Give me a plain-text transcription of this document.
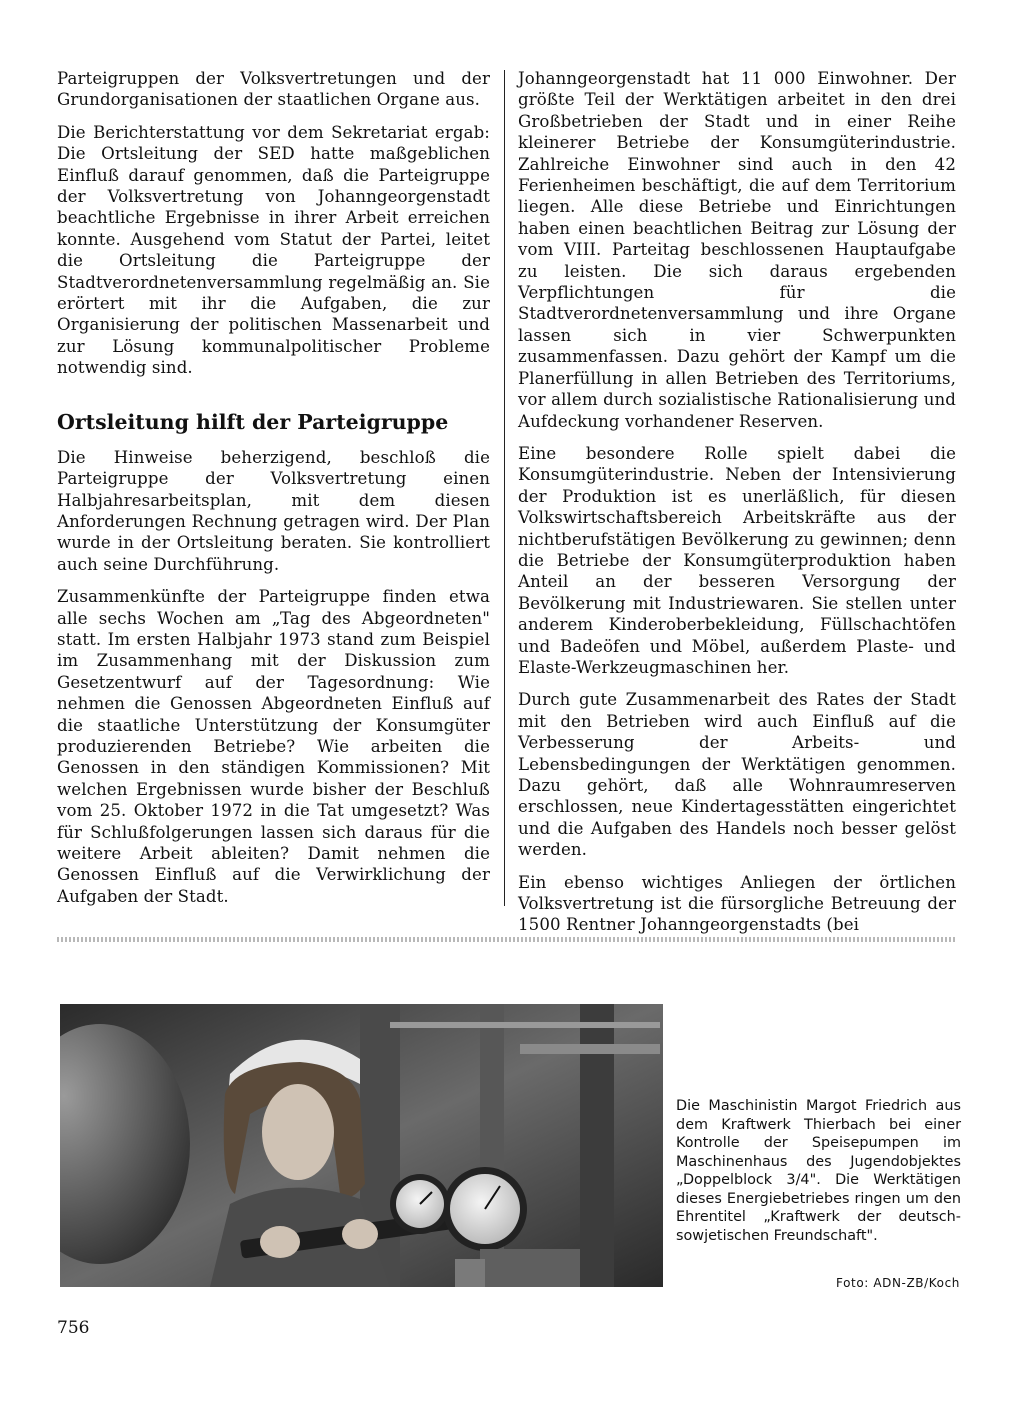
Parteigruppen der Volksvertretungen und der Grundorganisationen der staatlichen Organe aus.

Die Berichterstattung vor dem Sekretariat ergab: Die Ortsleitung der SED hatte maßgeblichen Einfluß darauf genommen, daß die Parteigruppe der Volksvertretung von Johanngeorgenstadt beachtliche Ergebnisse in ihrer Arbeit erreichen konnte. Ausgehend vom Statut der Partei, leitet die Ortsleitung die Parteigruppe der Stadtverordnetenversammlung regelmäßig an. Sie erörtert mit ihr die Aufgaben, die zur Organisierung der politischen Massenarbeit und zur Lösung kommunalpolitischer Probleme notwendig sind.

Ortsleitung hilft der Parteigruppe

Die Hinweise beherzigend, beschloß die Parteigruppe der Volksvertretung einen Halbjahresarbeitsplan, mit dem diesen Anforderungen Rechnung getragen wird. Der Plan wurde in der Ortsleitung beraten. Sie kontrolliert auch seine Durchführung.

Zusammenkünfte der Parteigruppe finden etwa alle sechs Wochen am „Tag des Abgeordneten" statt. Im ersten Halbjahr 1973 stand zum Beispiel im Zusammenhang mit der Diskussion zum Gesetzentwurf auf der Tagesordnung: Wie nehmen die Genossen Abgeordneten Einfluß auf die staatliche Unterstützung der Konsumgüter produzierenden Betriebe? Wie arbeiten die Genossen in den ständigen Kommissionen? Mit welchen Ergebnissen wurde bisher der Beschluß vom 25. Oktober 1972 in die Tat umgesetzt? Was für Schlußfolgerungen lassen sich daraus für die weitere Arbeit ableiten? Damit nehmen die Genossen Einfluß auf die Verwirklichung der Aufgaben der Stadt.

Johanngeorgenstadt hat 11 000 Einwohner. Der größte Teil der Werktätigen arbeitet in den drei Großbetrieben der Stadt und in einer Reihe kleinerer Betriebe der Konsumgüterindustrie. Zahlreiche Einwohner sind auch in den 42 Ferienheimen beschäftigt, die auf dem Territorium liegen. Alle diese Betriebe und Einrichtungen haben einen beachtlichen Beitrag zur Lösung der vom VIII. Parteitag beschlossenen Hauptaufgabe zu leisten. Die sich daraus ergebenden Verpflichtungen für die Stadtverordnetenversammlung und ihre Organe lassen sich in vier Schwerpunkten zusammenfassen. Dazu gehört der Kampf um die Planerfüllung in allen Betrieben des Territoriums, vor allem durch sozialistische Rationalisierung und Aufdeckung vorhandener Reserven.

Eine besondere Rolle spielt dabei die Konsumgüterindustrie. Neben der Intensivierung der Produktion ist es unerläßlich, für diesen Volkswirtschaftsbereich Arbeitskräfte aus der nichtberufstätigen Bevölkerung zu gewinnen; denn die Betriebe der Konsumgüterproduktion haben Anteil an der besseren Versorgung der Bevölkerung mit Industriewaren. Sie stellen unter anderem Kinderoberbekleidung, Füllschachtöfen und Badeöfen und Möbel, außerdem Plaste- und Elaste-Werkzeugmaschinen her.

Durch gute Zusammenarbeit des Rates der Stadt mit den Betrieben wird auch Einfluß auf die Verbesserung der Arbeits- und Lebensbedingungen der Werktätigen genommen. Dazu gehört, daß alle Wohnraumreserven erschlossen, neue Kindertagesstätten eingerichtet und die Aufgaben des Handels noch besser gelöst werden.

Ein ebenso wichtiges Anliegen der örtlichen Volksvertretung ist die fürsorgliche Betreuung der 1500 Rentner Johanngeorgenstadts (bei

Die Maschinistin Margot Friedrich aus dem Kraftwerk Thierbach bei einer Kontrolle der Speisepumpen im Maschinenhaus des Jugendobjektes „Doppelblock 3/4". Die Werktätigen dieses Energiebetriebes ringen um den Ehrentitel „Kraftwerk der deutsch-sowjetischen Freundschaft".
Foto: ADN-ZB/Koch
756
